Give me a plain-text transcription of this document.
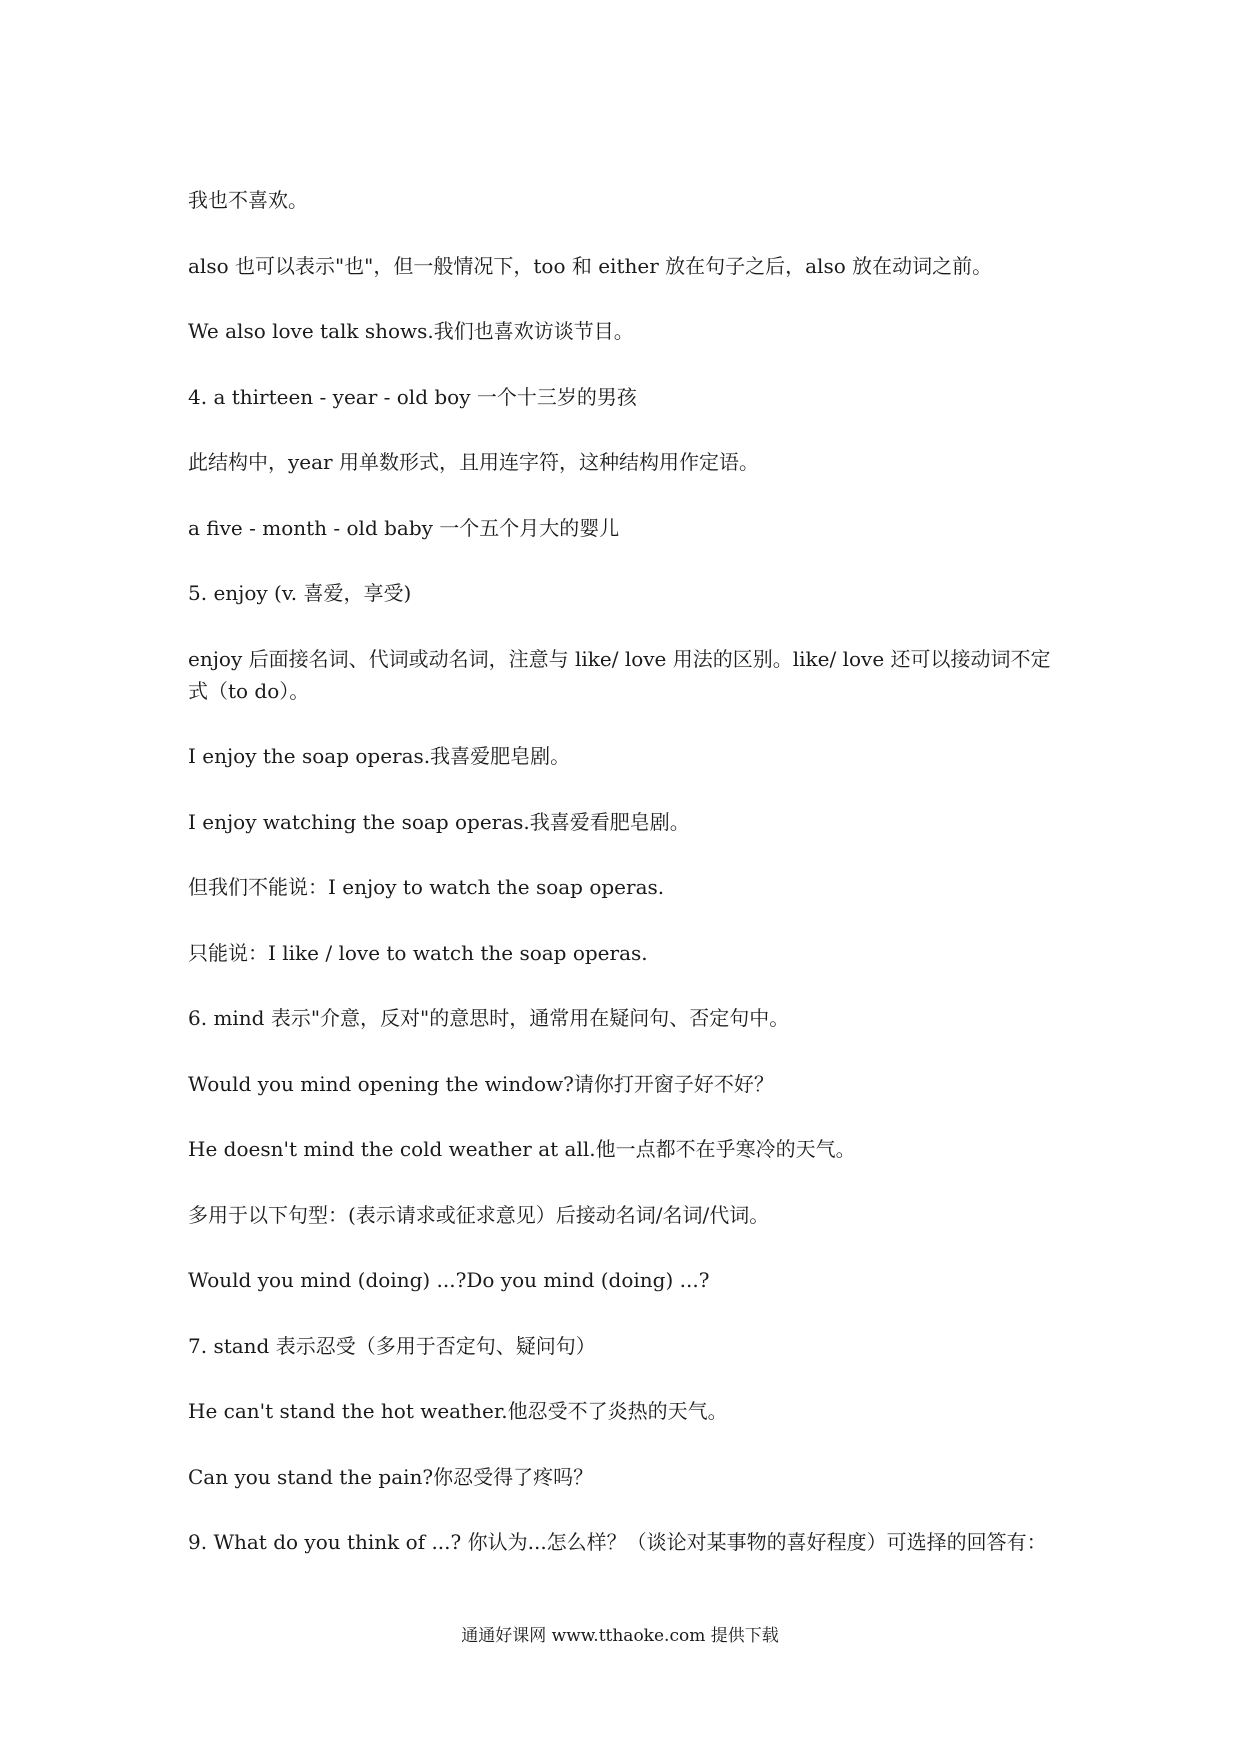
我也不喜欢。
also 也可以表示"也"，但一般情况下，too 和 either 放在句子之后，also 放在动词之前。
We also love talk shows.我们也喜欢访谈节目。
4. a thirteen - year - old boy 一个十三岁的男孩
此结构中，year 用单数形式，且用连字符，这种结构用作定语。
a five - month - old baby 一个五个月大的婴儿
5. enjoy (v. 喜爱，享受)
enjoy 后面接名词、代词或动名词，注意与 like/ love 用法的区别。like/ love 还可以接动词不定式（to do）。
I enjoy the soap operas.我喜爱肥皂剧。
I enjoy watching the soap operas.我喜爱看肥皂剧。
但我们不能说：I enjoy to watch the soap operas.
只能说：I like / love to watch the soap operas.
6. mind 表示"介意，反对"的意思时，通常用在疑问句、否定句中。
Would you mind opening the window?请你打开窗子好不好？
He doesn't mind the cold weather at all.他一点都不在乎寒冷的天气。
多用于以下句型：(表示请求或征求意见）后接动名词/名词/代词。
Would you mind (doing) ...?Do you mind (doing) ...?
7. stand 表示忍受（多用于否定句、疑问句）
He can't stand the hot weather.他忍受不了炎热的天气。
Can you stand the pain?你忍受得了疼吗？
9. What do you think of ...? 你认为...怎么样？（谈论对某事物的喜好程度）可选择的回答有：
通通好课网 www.tthaoke.com 提供下载
